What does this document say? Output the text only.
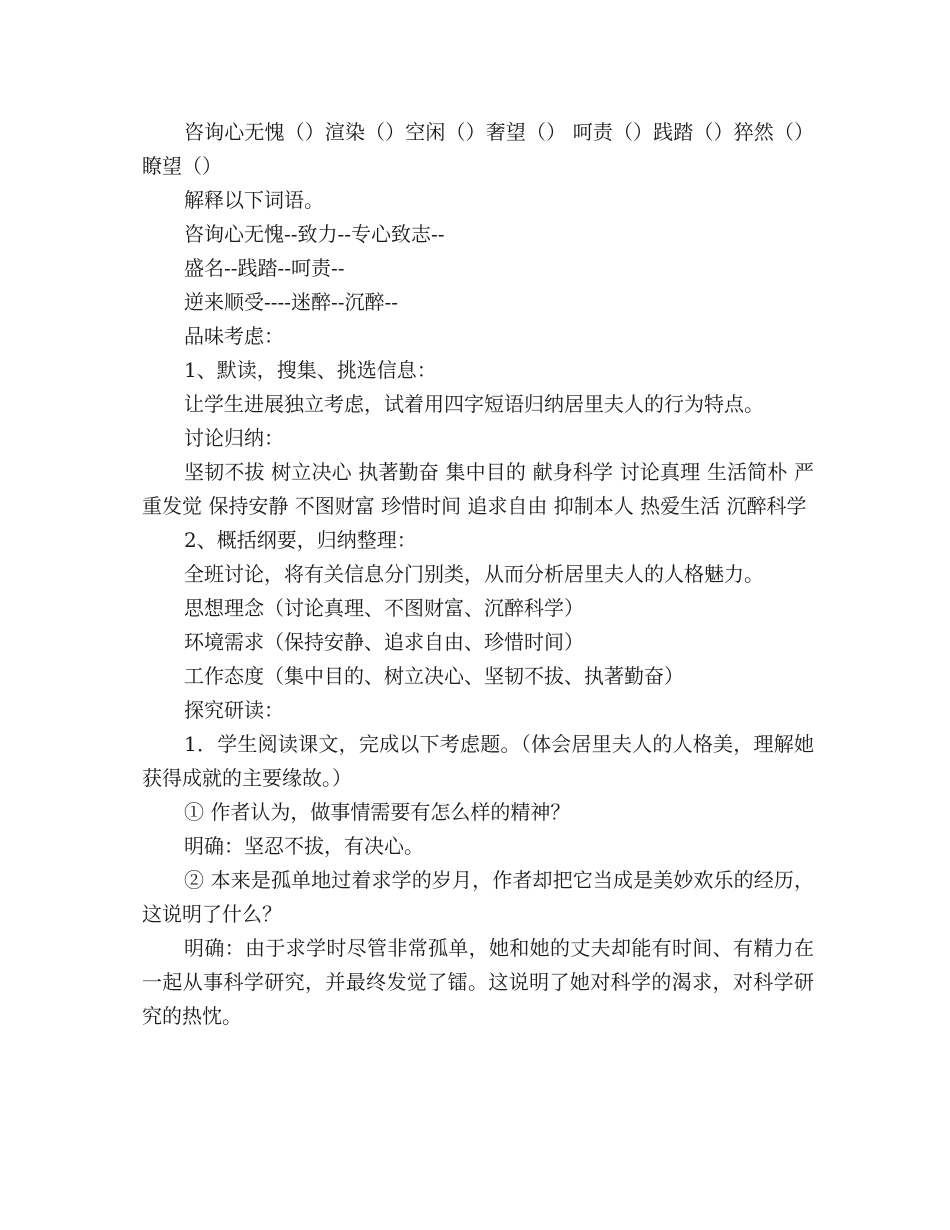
咨询心无愧（）渲染（）空闲（）奢望（） 呵责（）践踏（）猝然（）瞭望（）

解释以下词语。

咨询心无愧--致力--专心致志--

盛名--践踏--呵责--

逆来顺受----迷醉--沉醉--

品味考虑：

1、默读，搜集、挑选信息：

让学生进展独立考虑，试着用四字短语归纳居里夫人的行为特点。

讨论归纳：

坚韧不拔 树立决心 执著勤奋 集中目的 献身科学 讨论真理 生活简朴 严重发觉 保持安静 不图财富 珍惜时间 追求自由 抑制本人 热爱生活 沉醉科学

2、概括纲要，归纳整理：

全班讨论，将有关信息分门别类，从而分析居里夫人的人格魅力。

思想理念（讨论真理、不图财富、沉醉科学）

环境需求（保持安静、追求自由、珍惜时间）

工作态度（集中目的、树立决心、坚韧不拔、执著勤奋）

探究研读：

1．学生阅读课文，完成以下考虑题。（体会居里夫人的人格美，理解她获得成就的主要缘故。）

① 作者认为，做事情需要有怎么样的精神？

明确：坚忍不拔，有决心。

② 本来是孤单地过着求学的岁月，作者却把它当成是美妙欢乐的经历，这说明了什么？

明确：由于求学时尽管非常孤单，她和她的丈夫却能有时间、有精力在一起从事科学研究，并最终发觉了镭。这说明了她对科学的渴求，对科学研究的热忱。
